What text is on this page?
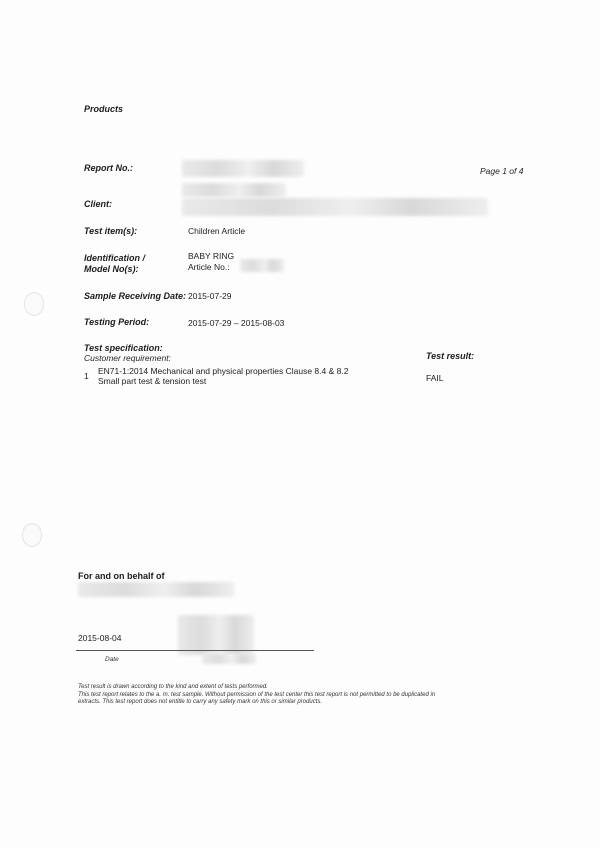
Products
Page 1 of 4
Report No.:
Client:
Test item(s):	Children Article
Identification /
Model No(s):
BABY RING
Article No.:
Sample Receiving Date: 2015-07-29
Testing Period:	2015-07-29 – 2015-08-03
Test specification:
Customer requirement:	Test result:
1 EN71-1:2014 Mechanical and physical properties Clause 8.4 & 8.2
Small part test & tension test	FAIL
For and on behalf of
2015-08-04
Date
Test result is drawn according to the kind and extent of tests performed.
This test report relates to the a. m. test sample. Without permission of the test center this test report is not permitted to be duplicated in
extracts. This test report does not entitle to carry any safety mark on this or similar products.
